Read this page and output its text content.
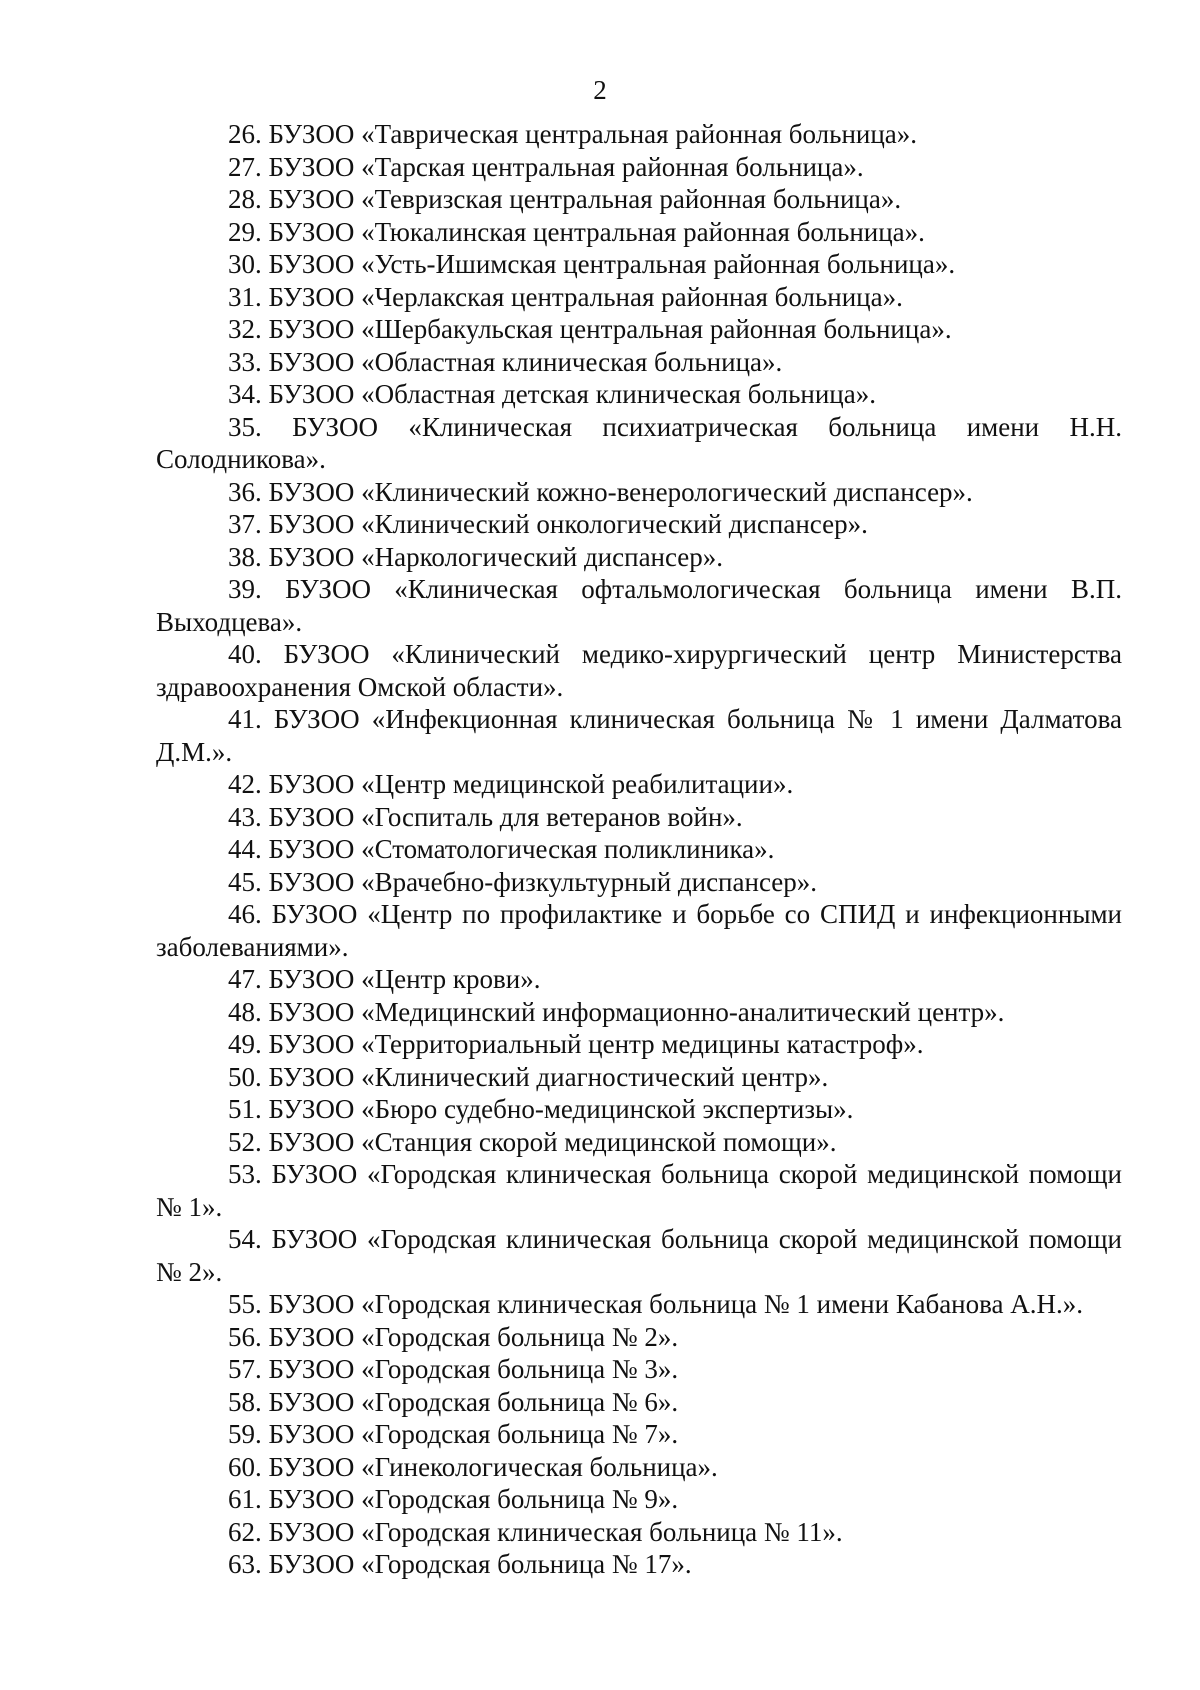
2
26. БУЗОО «Таврическая центральная районная больница».
27. БУЗОО «Тарская центральная районная больница».
28. БУЗОО «Тевризская центральная районная больница».
29. БУЗОО «Тюкалинская центральная районная больница».
30. БУЗОО «Усть-Ишимская центральная районная больница».
31. БУЗОО «Черлакская центральная районная больница».
32. БУЗОО «Шербакульская центральная районная больница».
33. БУЗОО «Областная клиническая больница».
34. БУЗОО «Областная детская клиническая больница».
35. БУЗОО «Клиническая психиатрическая больница имени Н.Н. Солодникова».
36. БУЗОО «Клинический кожно-венерологический диспансер».
37. БУЗОО «Клинический онкологический диспансер».
38. БУЗОО «Наркологический диспансер».
39. БУЗОО «Клиническая офтальмологическая больница имени В.П. Выходцева».
40. БУЗОО «Клинический медико-хирургический центр Министерства здравоохранения Омской области».
41. БУЗОО «Инфекционная клиническая больница № 1 имени Далматова Д.М.».
42. БУЗОО «Центр медицинской реабилитации».
43. БУЗОО «Госпиталь для ветеранов войн».
44. БУЗОО «Стоматологическая поликлиника».
45. БУЗОО «Врачебно-физкультурный диспансер».
46. БУЗОО «Центр по профилактике и борьбе со СПИД и инфекционными заболеваниями».
47. БУЗОО «Центр крови».
48. БУЗОО «Медицинский информационно-аналитический центр».
49. БУЗОО «Территориальный центр медицины катастроф».
50. БУЗОО «Клинический диагностический центр».
51. БУЗОО «Бюро судебно-медицинской экспертизы».
52. БУЗОО «Станция скорой медицинской помощи».
53. БУЗОО «Городская клиническая больница скорой медицинской помощи № 1».
54. БУЗОО «Городская клиническая больница скорой медицинской помощи № 2».
55. БУЗОО «Городская клиническая больница № 1 имени Кабанова А.Н.».
56. БУЗОО «Городская больница № 2».
57. БУЗОО «Городская больница № 3».
58. БУЗОО «Городская больница № 6».
59. БУЗОО «Городская больница № 7».
60. БУЗОО «Гинекологическая больница».
61. БУЗОО «Городская больница № 9».
62. БУЗОО «Городская клиническая больница № 11».
63. БУЗОО «Городская больница № 17».
